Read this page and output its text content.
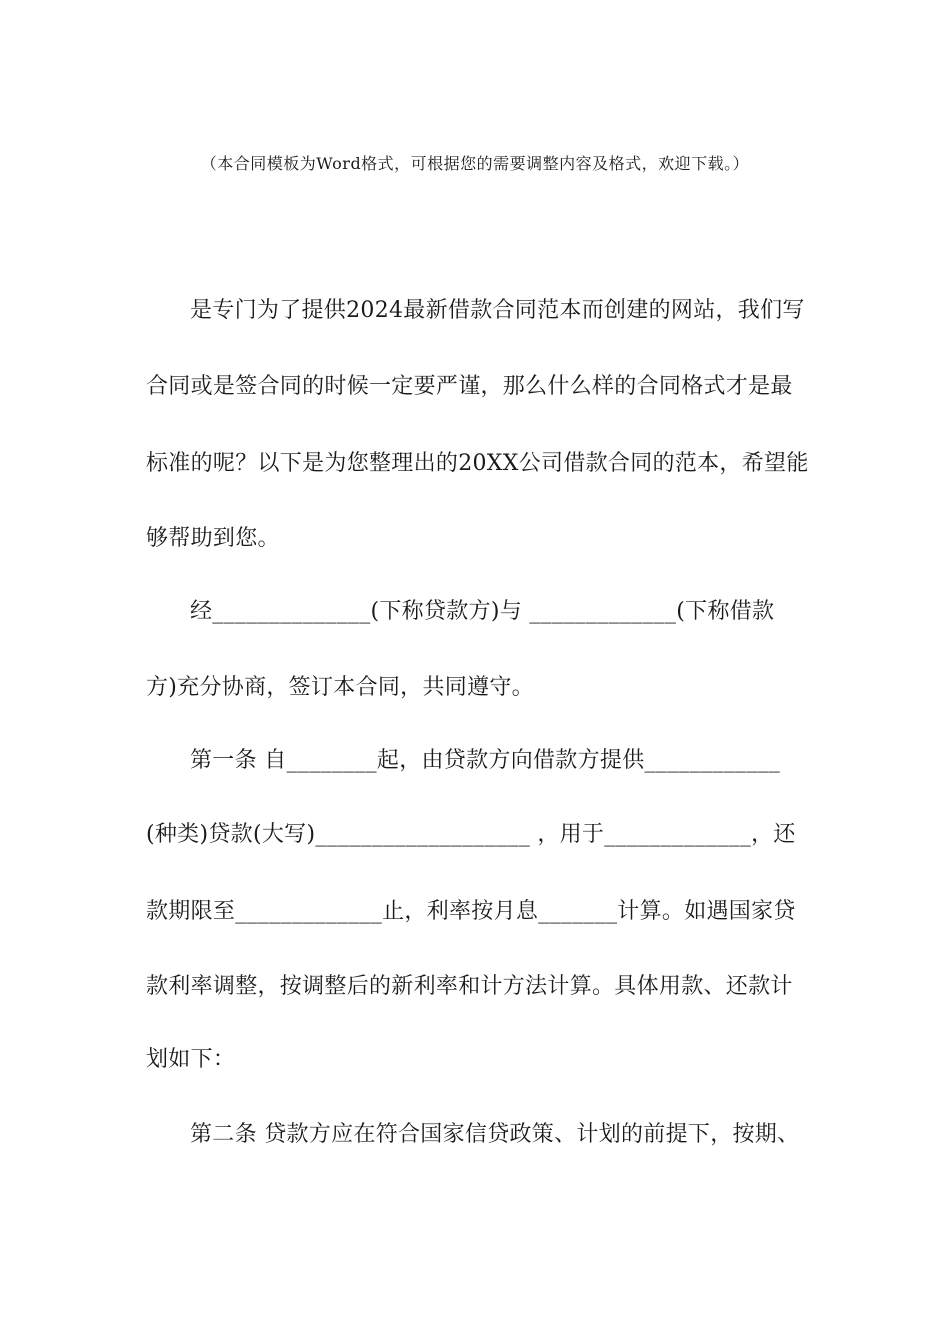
（本合同模板为Word格式，可根据您的需要调整内容及格式，欢迎下载。）
是专门为了提供2024最新借款合同范本而创建的网站，我们写
合同或是签合同的时候一定要严谨，那么什么样的合同格式才是最
标准的呢？以下是为您整理出的20XX公司借款合同的范本，希望能
够帮助到您。
经______________(下称贷款方)与 _____________(下称借款
方)充分协商，签订本合同，共同遵守。
第一条 自________起，由贷款方向借款方提供____________
(种类)贷款(大写)___________________ ，用于_____________，还
款期限至_____________止，利率按月息_______计算。如遇国家贷
款利率调整，按调整后的新利率和计方法计算。具体用款、还款计
划如下：
第二条 贷款方应在符合国家信贷政策、计划的前提下，按期、
